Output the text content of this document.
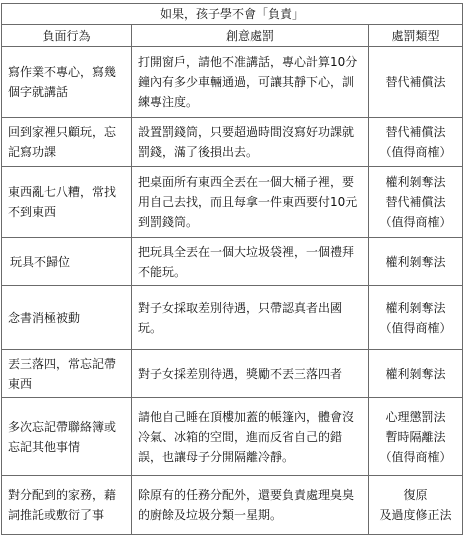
如果，孩子學不會「負責」		
負面行為	創意處罰	處罰類型
寫作業不專心，寫幾個字就講話	打開窗戶，請他不准講話，專心計算10分鐘內有多少車輛通過，可讓其靜下心，訓練專注度。	替代補償法
回到家裡只顧玩，忘記寫功課	設置罰錢筒，只要超過時間沒寫好功課就罰錢，滿了後損出去。	替代補償法
（值得商榷）
東西亂七八糟，常找不到東西	把桌面所有東西全丟在一個大桶子裡，要用自己去找，而且每拿一件東西要付10元到罰錢筒。	權利剝奪法
替代補償法
（值得商榷）
玩具不歸位	把玩具全丟在一個大垃圾袋裡，一個禮拜不能玩。	權利剝奪法
念書消極被動	對子女採取差別待遇，只帶認真者出國玩。	權利剝奪法
（值得商榷）
丟三落四，常忘記帶東西	對子女採差別待遇，獎勵不丟三落四者	權利剝奪法
多次忘記帶聯絡簿或忘記其他事情	請他自己睡在頂樓加蓋的帳篷內，體會沒冷氣、冰箱的空間，進而反省自己的錯誤，也讓母子分開隔離冷靜。	心理懲罰法
暫時隔離法
（值得商榷）
對分配到的家務，藉詞推託或敷衍了事	除原有的任務分配外，還要負責處理臭臭的廚餘及垃圾分類一星期。	復原
及過度修正法
